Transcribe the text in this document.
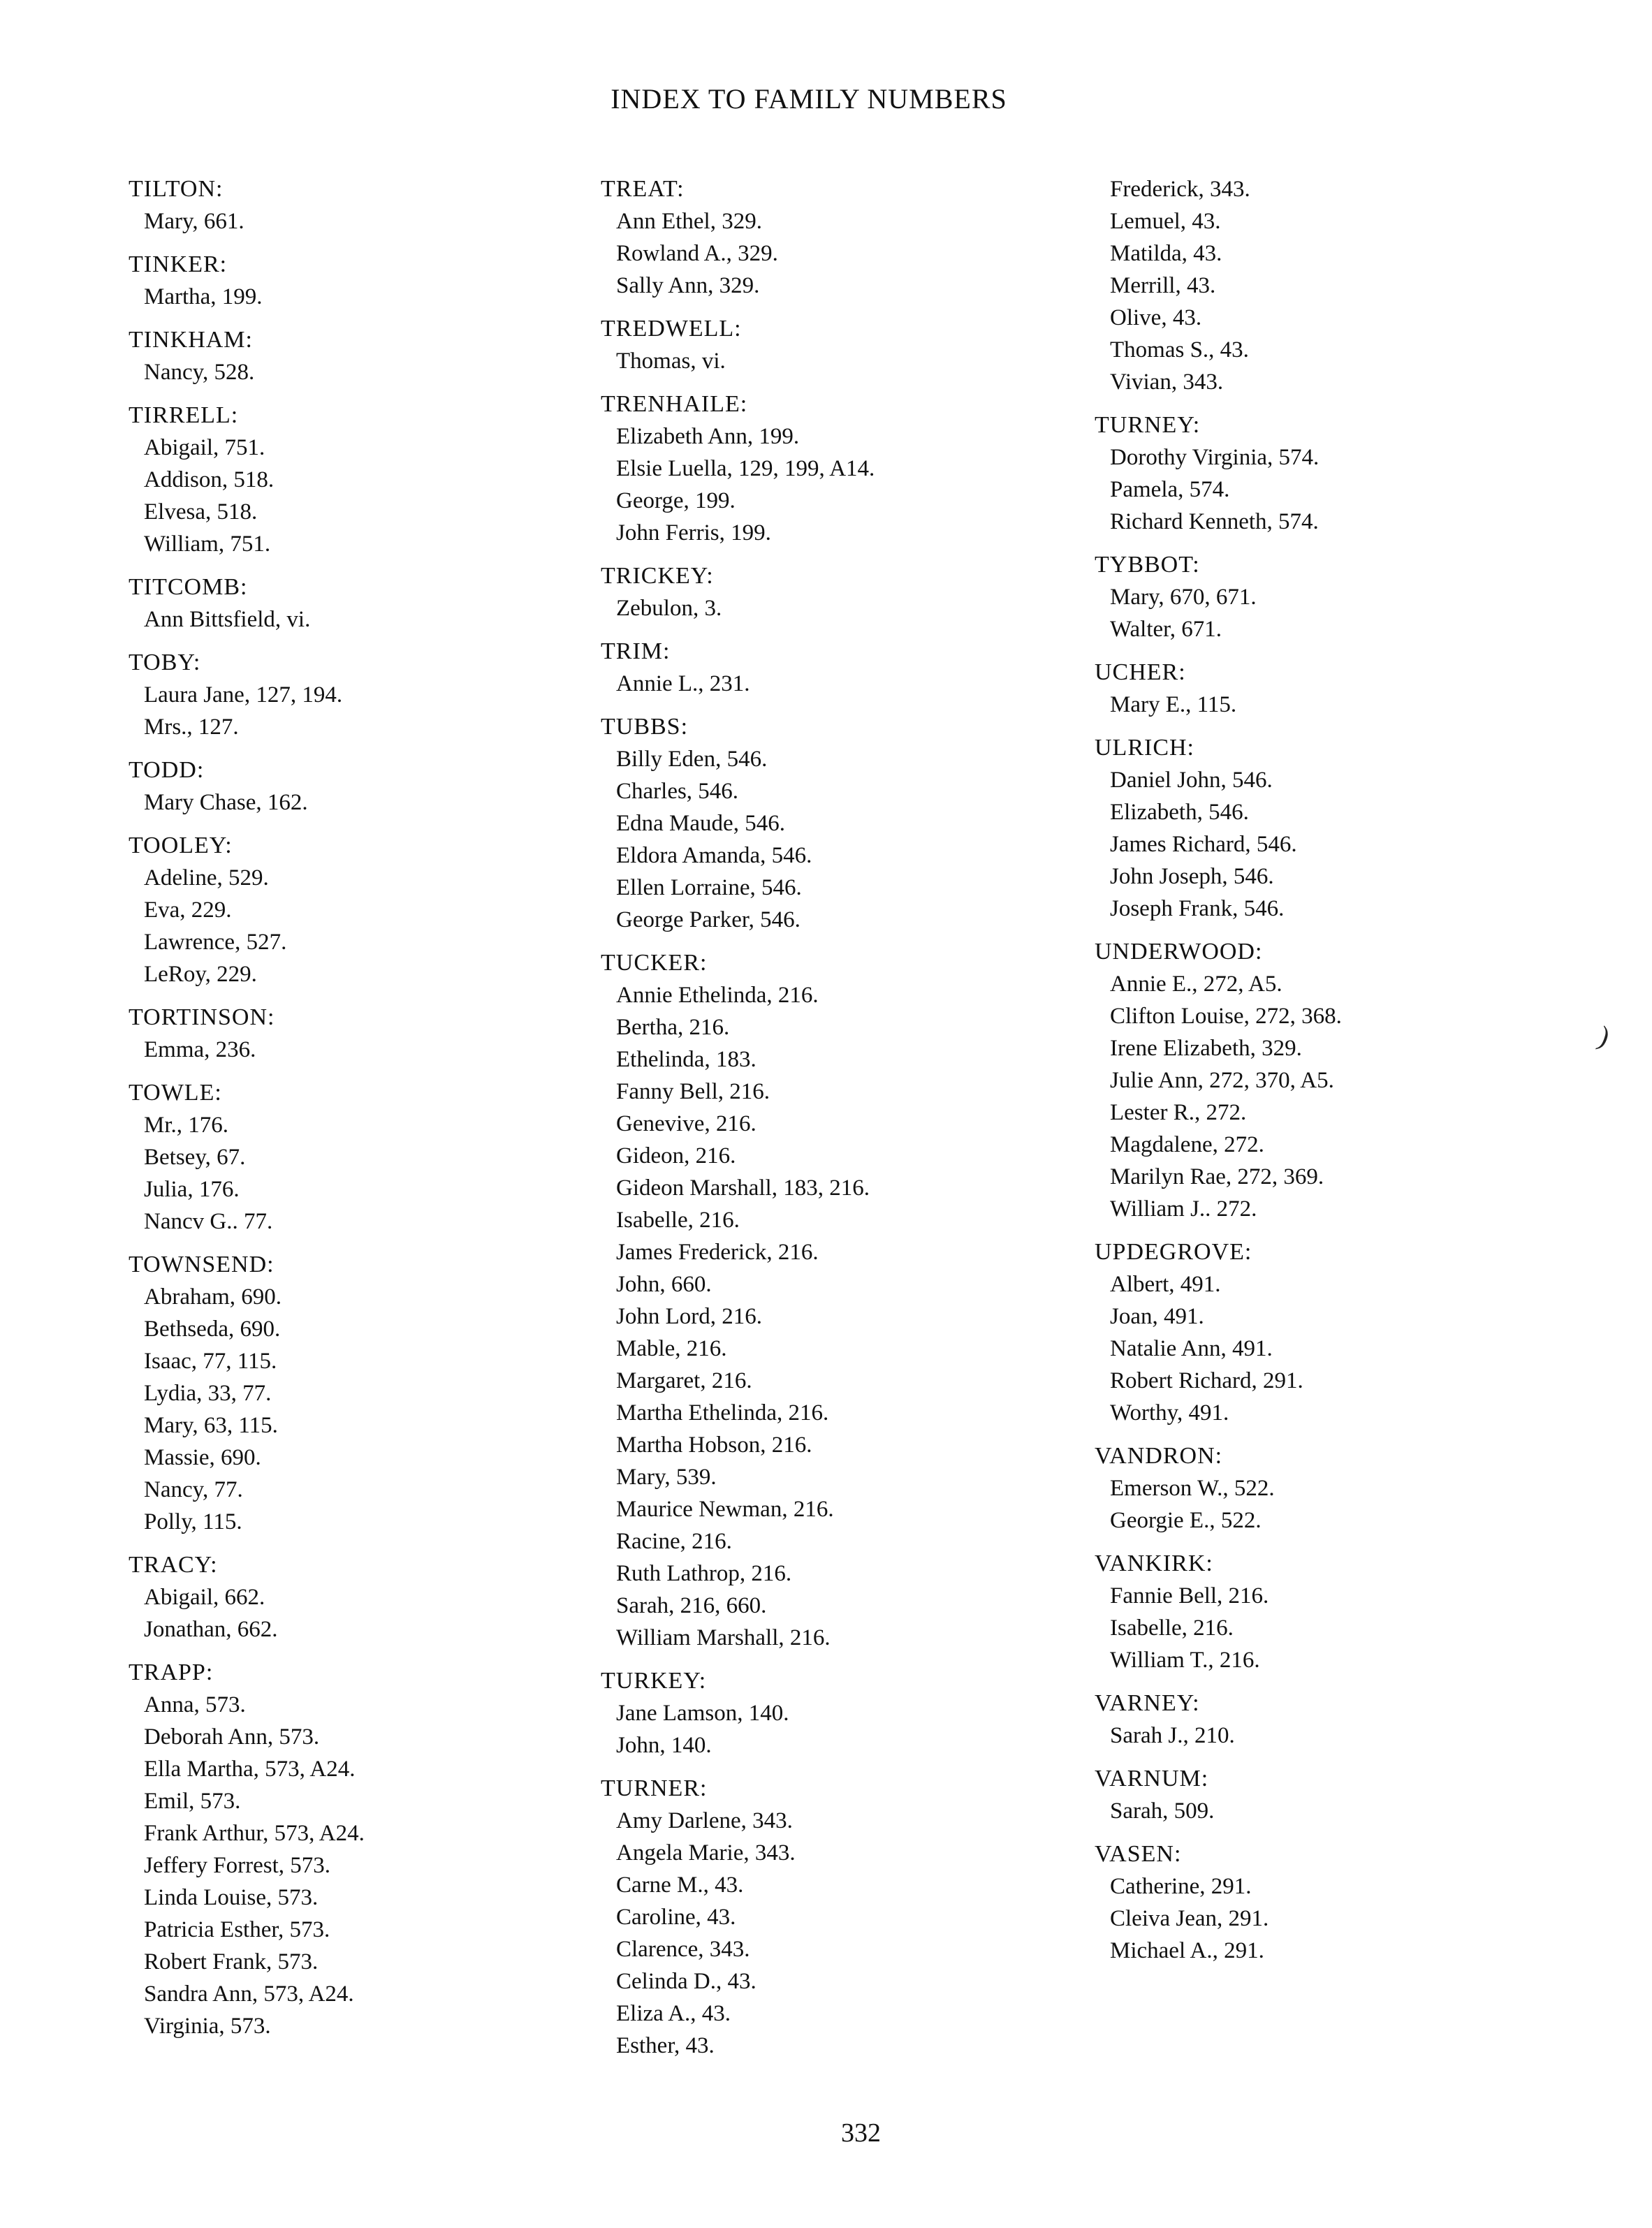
INDEX TO FAMILY NUMBERS
TILTON:
Mary, 661.
TINKER:
Martha, 199.
TINKHAM:
Nancy, 528.
TIRRELL:
Abigail, 751.
Addison, 518.
Elvesa, 518.
William, 751.
TITCOMB:
Ann Bittsfield, vi.
TOBY:
Laura Jane, 127, 194.
Mrs., 127.
TODD:
Mary Chase, 162.
TOOLEY:
Adeline, 529.
Eva, 229.
Lawrence, 527.
LeRoy, 229.
TORTINSON:
Emma, 236.
TOWLE:
Mr., 176.
Betsey, 67.
Julia, 176.
Nancv G.. 77.
TOWNSEND:
Abraham, 690.
Bethseda, 690.
Isaac, 77, 115.
Lydia, 33, 77.
Mary, 63, 115.
Massie, 690.
Nancy, 77.
Polly, 115.
TRACY:
Abigail, 662.
Jonathan, 662.
TRAPP:
Anna, 573.
Deborah Ann, 573.
Ella Martha, 573, A24.
Emil, 573.
Frank Arthur, 573, A24.
Jeffery Forrest, 573.
Linda Louise, 573.
Patricia Esther, 573.
Robert Frank, 573.
Sandra Ann, 573, A24.
Virginia, 573.
TREAT:
Ann Ethel, 329.
Rowland A., 329.
Sally Ann, 329.
TREDWELL:
Thomas, vi.
TRENHAILE:
Elizabeth Ann, 199.
Elsie Luella, 129, 199, A14.
George, 199.
John Ferris, 199.
TRICKEY:
Zebulon, 3.
TRIM:
Annie L., 231.
TUBBS:
Billy Eden, 546.
Charles, 546.
Edna Maude, 546.
Eldora Amanda, 546.
Ellen Lorraine, 546.
George Parker, 546.
TUCKER:
Annie Ethelinda, 216.
Bertha, 216.
Ethelinda, 183.
Fanny Bell, 216.
Genevive, 216.
Gideon, 216.
Gideon Marshall, 183, 216.
Isabelle, 216.
James Frederick, 216.
John, 660.
John Lord, 216.
Mable, 216.
Margaret, 216.
Martha Ethelinda, 216.
Martha Hobson, 216.
Mary, 539.
Maurice Newman, 216.
Racine, 216.
Ruth Lathrop, 216.
Sarah, 216, 660.
William Marshall, 216.
TURKEY:
Jane Lamson, 140.
John, 140.
TURNER:
Amy Darlene, 343.
Angela Marie, 343.
Carne M., 43.
Caroline, 43.
Clarence, 343.
Celinda D., 43.
Eliza A., 43.
Esther, 43.
Frederick, 343.
Lemuel, 43.
Matilda, 43.
Merrill, 43.
Olive, 43.
Thomas S., 43.
Vivian, 343.
TURNEY:
Dorothy Virginia, 574.
Pamela, 574.
Richard Kenneth, 574.
TYBBOT:
Mary, 670, 671.
Walter, 671.
UCHER:
Mary E., 115.
ULRICH:
Daniel John, 546.
Elizabeth, 546.
James Richard, 546.
John Joseph, 546.
Joseph Frank, 546.
UNDERWOOD:
Annie E., 272, A5.
Clifton Louise, 272, 368.
Irene Elizabeth, 329.
Julie Ann, 272, 370, A5.
Lester R., 272.
Magdalene, 272.
Marilyn Rae, 272, 369.
William J.. 272.
UPDEGROVE:
Albert, 491.
Joan, 491.
Natalie Ann, 491.
Robert Richard, 291.
Worthy, 491.
VANDRON:
Emerson W., 522.
Georgie E., 522.
VANKIRK:
Fannie Bell, 216.
Isabelle, 216.
William T., 216.
VARNEY:
Sarah J., 210.
VARNUM:
Sarah, 509.
VASEN:
Catherine, 291.
Cleiva Jean, 291.
Michael A., 291.
)
332
